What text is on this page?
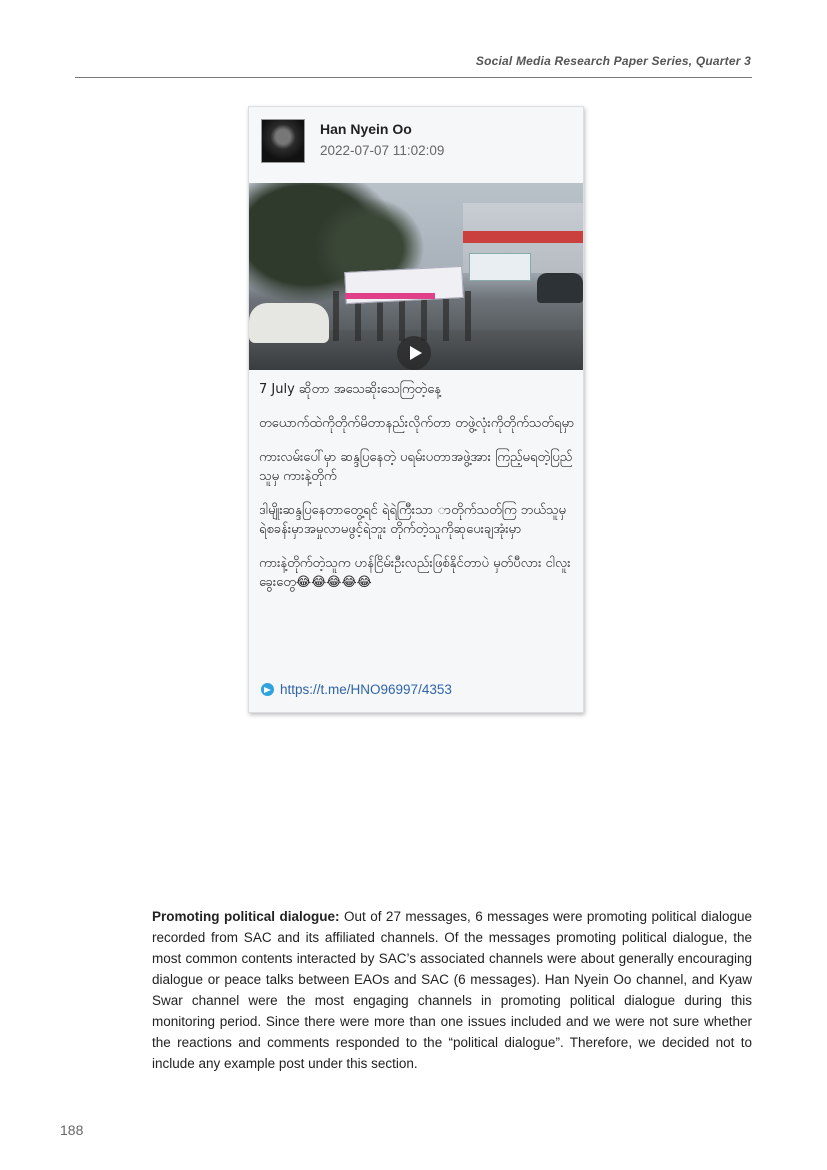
Social Media Research Paper Series, Quarter 3
Han Nyein Oo
2022-07-07 11:02:09

7 July ဆိုတာ အသေဆိုးသေကြတဲ့နေ့

တယောက်ထဲကိုတိုက်မိတာနည်းလိုက်တာ တဖွဲ့လုံးကိုတိုက်သတ်ရမှာ

ကားလမ်းပေါ်မှာ ဆန္ဒပြနေတဲ့ ပရမ်းပတာအဖွဲ့အား ကြည့်မရတဲ့ပြည်သူမှ ကားနဲ့တိုက်

ဒါမျိုးဆန္ဒပြနေတာတွေ့ရင် ရဲရဲကြီးသာ ာတိုက်သတ်ကြ ဘယ်သူမှရဲစခန်းမှာအမှုလာမဖွင့်ရဲဘူး တိုက်တဲ့သူကိုဆုပေးချအုံးမှာ

ကားနဲ့တိုက်တဲ့သူက ဟန်ငြိမ်းဦးလည်းဖြစ်နိုင်တာပဲ မှတ်ပီလား ငါလူးခွေးတွေ😂😂😂😂😂

https://t.me/HNO96997/4353

Promoting political dialogue: Out of 27 messages, 6 messages were promoting political dialogue recorded from SAC and its affiliated channels. Of the messages promoting political dialogue, the most common contents interacted by SAC’s associated channels were about generally encouraging dialogue or peace talks between EAOs and SAC (6 messages). Han Nyein Oo channel, and Kyaw Swar channel were the most engaging channels in promoting political dialogue during this monitoring period. Since there were more than one issues included and we were not sure whether the reactions and comments responded to the “political dialogue”. Therefore, we decided not to include any example post under this section.

188
